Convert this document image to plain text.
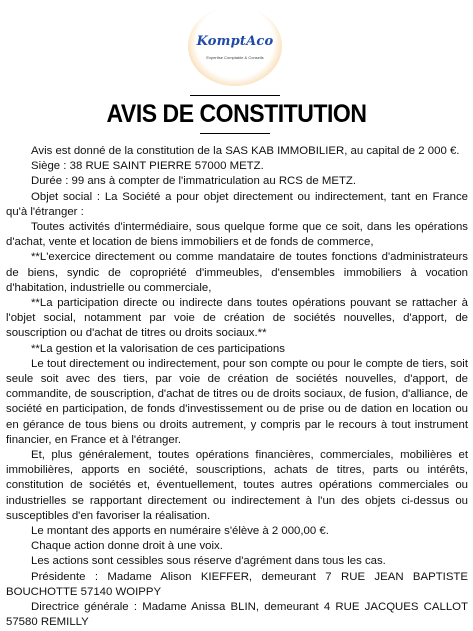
KomptAco
Expertise Comptable & Conseils
AVIS DE CONSTITUTION

Avis est donné de la constitution de la SAS KAB IMMOBILIER, au capital de 2 000 €.

Siège : 38 RUE SAINT PIERRE 57000 METZ.

Durée : 99 ans à compter de l'immatriculation au RCS de METZ.

Objet social : La Société a pour objet directement ou indirectement, tant en France qu'à l'étranger :

Toutes activités d'intermédiaire, sous quelque forme que ce soit, dans les opérations d'achat, vente et location de biens immobiliers et de fonds de commerce,

**L'exercice directement ou comme mandataire de toutes fonctions d'administrateurs de biens, syndic de copropriété d'immeubles, d'ensembles immobiliers à vocation d'habitation, industrielle ou commerciale,

**La participation directe ou indirecte dans toutes opérations pouvant se rattacher à l'objet social, notamment par voie de création de sociétés nouvelles, d'apport, de souscription ou d'achat de titres ou droits sociaux.**

**La gestion et la valorisation de ces participations

Le tout directement ou indirectement, pour son compte ou pour le compte de tiers, soit seule soit avec des tiers, par voie de création de sociétés nouvelles, d'apport, de commandite, de souscription, d'achat de titres ou de droits sociaux, de fusion, d'alliance, de société en participation, de fonds d'investissement ou de prise ou de dation en location ou en gérance de tous biens ou droits autrement, y compris par le recours à tout instrument financier, en France et à l'étranger.

Et, plus généralement, toutes opérations financières, commerciales, mobilières et immobilières, apports en société, souscriptions, achats de titres, parts ou intérêts, constitution de sociétés et, éventuellement, toutes autres opérations commerciales ou industrielles se rapportant directement ou indirectement à l'un des objets ci-dessus ou susceptibles d'en favoriser la réalisation.

Le montant des apports en numéraire s'élève à 2 000,00 €.

Chaque action donne droit à une voix.

Les actions sont cessibles sous réserve d'agrément dans tous les cas.

Présidente : Madame Alison KIEFFER, demeurant 7 RUE JEAN BAPTISTE BOUCHOTTE 57140 WOIPPY

Directrice générale : Madame Anissa BLIN, demeurant 4 RUE JACQUES CALLOT 57580 REMILLY
